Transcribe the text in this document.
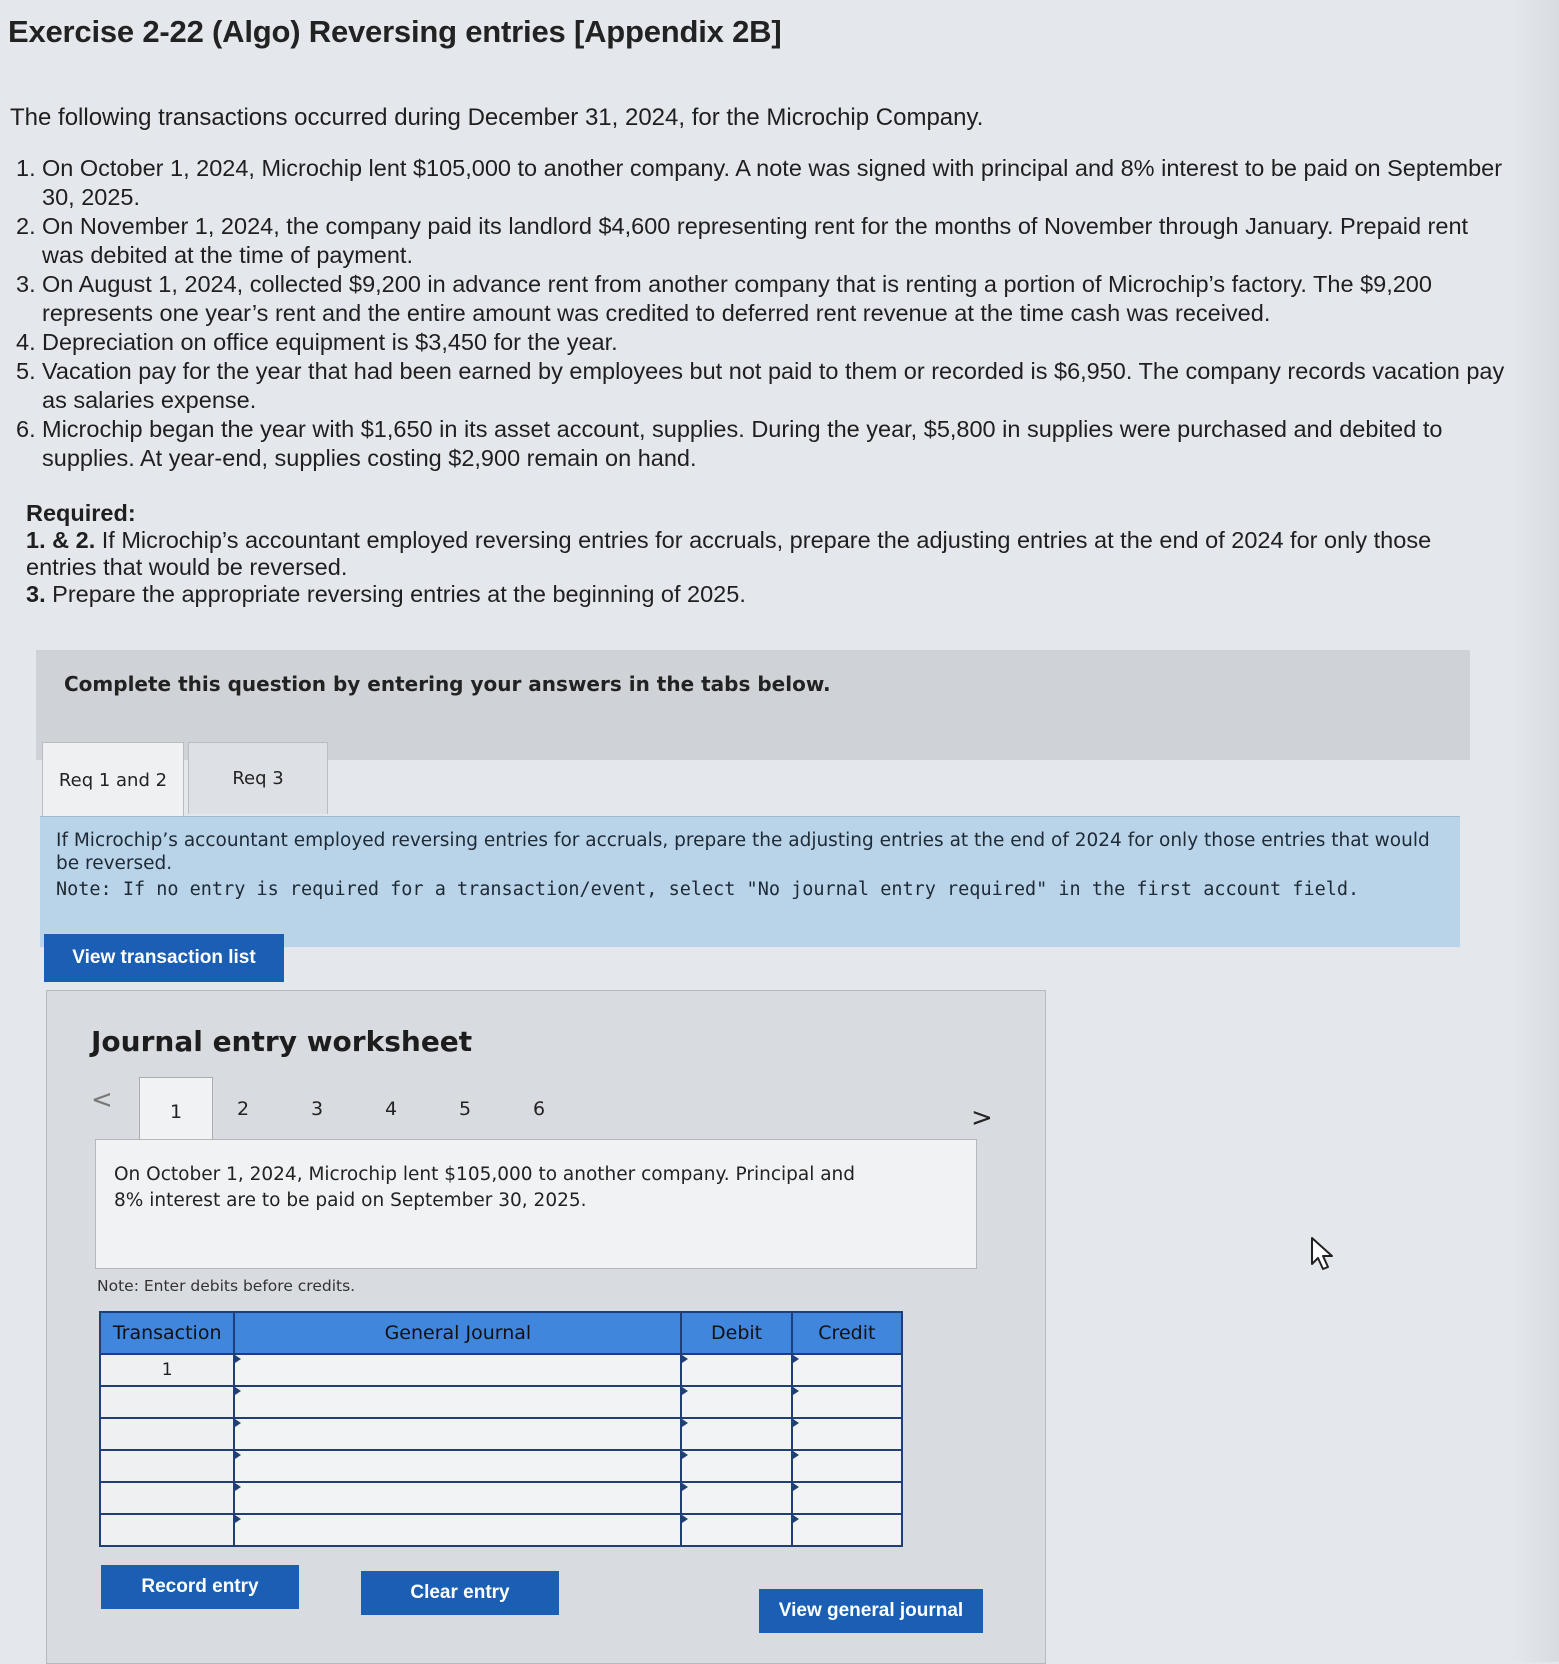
Exercise 2-22 (Algo) Reversing entries [Appendix 2B]
The following transactions occurred during December 31, 2024, for the Microchip Company.
1. On October 1, 2024, Microchip lent $105,000 to another company. A note was signed with principal and 8% interest to be paid on September 30, 2025.
2. On November 1, 2024, the company paid its landlord $4,600 representing rent for the months of November through January. Prepaid rent was debited at the time of payment.
3. On August 1, 2024, collected $9,200 in advance rent from another company that is renting a portion of Microchip’s factory. The $9,200 represents one year’s rent and the entire amount was credited to deferred rent revenue at the time cash was received.
4. Depreciation on office equipment is $3,450 for the year.
5. Vacation pay for the year that had been earned by employees but not paid to them or recorded is $6,950. The company records vacation pay as salaries expense.
6. Microchip began the year with $1,650 in its asset account, supplies. During the year, $5,800 in supplies were purchased and debited to supplies. At year-end, supplies costing $2,900 remain on hand.
Required:
1. & 2. If Microchip’s accountant employed reversing entries for accruals, prepare the adjusting entries at the end of 2024 for only those entries that would be reversed.
3. Prepare the appropriate reversing entries at the beginning of 2025.
Complete this question by entering your answers in the tabs below.
Req 1 and 2	Req 3
If Microchip’s accountant employed reversing entries for accruals, prepare the adjusting entries at the end of 2024 for only those entries that would be reversed.
Note: If no entry is required for a transaction/event, select "No journal entry required" in the first account field.
View transaction list
Journal entry worksheet
<	1	2	3	4	5	6	>
On October 1, 2024, Microchip lent $105,000 to another company. Principal and 8% interest are to be paid on September 30, 2025.
Note: Enter debits before credits.
Transaction	General Journal	Debit	Credit
1			

Record entry	Clear entry
View general journal
